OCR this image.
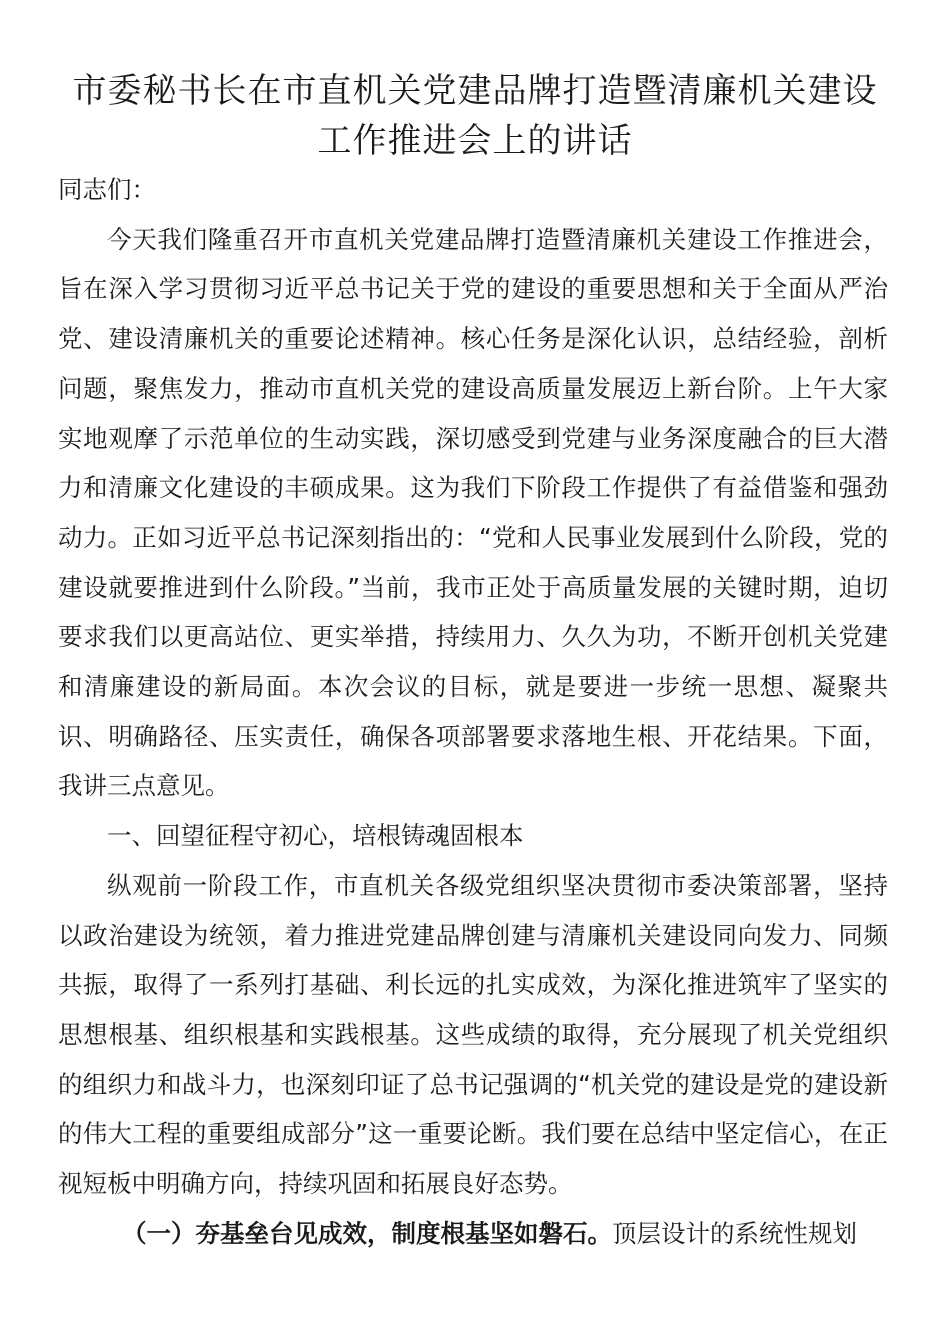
市委秘书长在市直机关党建品牌打造暨清廉机关建设
工作推进会上的讲话

同志们：

今天我们隆重召开市直机关党建品牌打造暨清廉机关建设工作推进会，旨在深入学习贯彻习近平总书记关于党的建设的重要思想和关于全面从严治党、建设清廉机关的重要论述精神。核心任务是深化认识，总结经验，剖析问题，聚焦发力，推动市直机关党的建设高质量发展迈上新台阶。上午大家实地观摩了示范单位的生动实践，深切感受到党建与业务深度融合的巨大潜力和清廉文化建设的丰硕成果。这为我们下阶段工作提供了有益借鉴和强劲动力。正如习近平总书记深刻指出的：“党和人民事业发展到什么阶段，党的建设就要推进到什么阶段。”当前，我市正处于高质量发展的关键时期，迫切要求我们以更高站位、更实举措，持续用力、久久为功，不断开创机关党建和清廉建设的新局面。本次会议的目标，就是要进一步统一思想、凝聚共识、明确路径、压实责任，确保各项部署要求落地生根、开花结果。下面，我讲三点意见。

一、回望征程守初心，培根铸魂固根本

纵观前一阶段工作，市直机关各级党组织坚决贯彻市委决策部署，坚持以政治建设为统领，着力推进党建品牌创建与清廉机关建设同向发力、同频共振，取得了一系列打基础、利长远的扎实成效，为深化推进筑牢了坚实的思想根基、组织根基和实践根基。这些成绩的取得，充分展现了机关党组织的组织力和战斗力，也深刻印证了总书记强调的“机关党的建设是党的建设新的伟大工程的重要组成部分”这一重要论断。我们要在总结中坚定信心，在正视短板中明确方向，持续巩固和拓展良好态势。

（一）夯基垒台见成效，制度根基坚如磐石。顶层设计的系统性规划
